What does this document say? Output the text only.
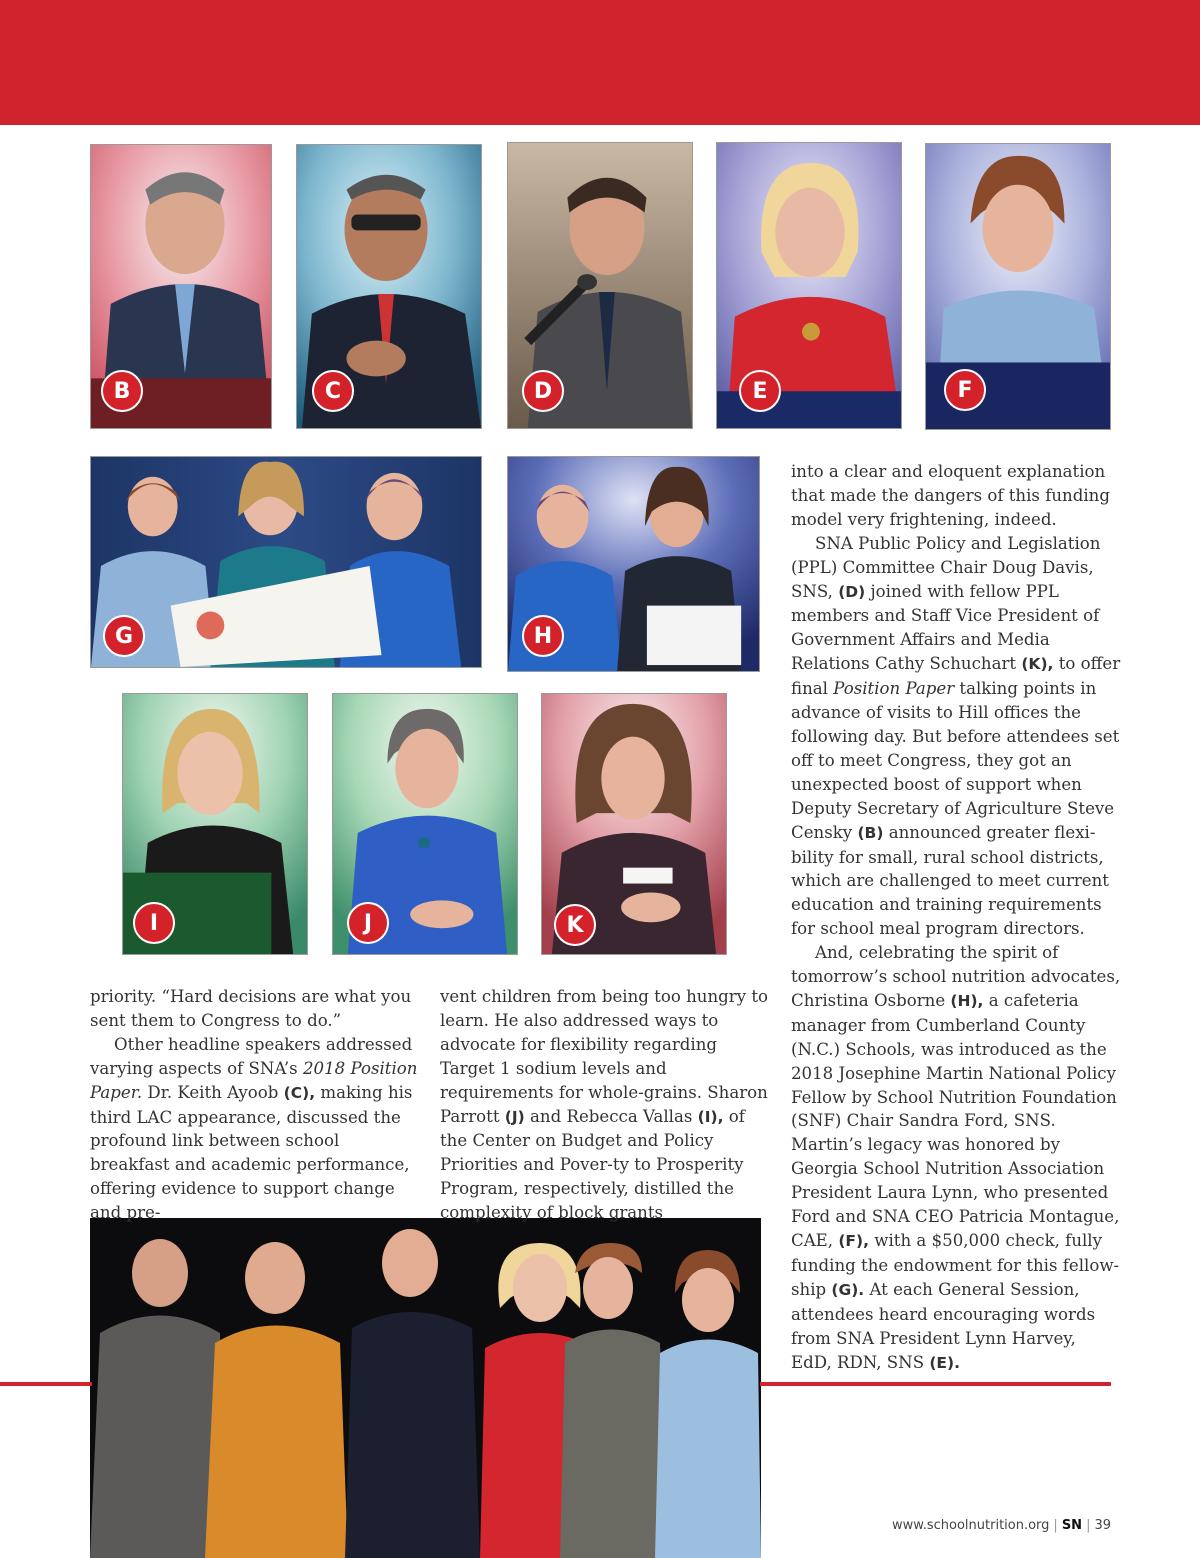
B	C	D	E	F
G	H
I	J	K

priority. “Hard decisions are what you sent them to Congress to do.”

Other headline speakers addressed varying aspects of SNA’s 2018 Position Paper. Dr. Keith Ayoob (C), making his third LAC appearance, discussed the profound link between school breakfast and academic performance, offering evidence to support change and pre-

vent children from being too hungry to learn. He also addressed ways to advocate for flexibility regarding Target 1 sodium levels and requirements for whole-grains. Sharon Parrott (J) and Rebecca Vallas (I), of the Center on Budget and Policy Priorities and Pover-ty to Prosperity Program, respectively, distilled the complexity of block grants

into a clear and eloquent explanation that made the dangers of this funding model very frightening, indeed.

SNA Public Policy and Legislation (PPL) Committee Chair Doug Davis, SNS, (D) joined with fellow PPL members and Staff Vice President of Government Affairs and Media Relations Cathy Schuchart (K), to offer final Position Paper talking points in advance of visits to Hill offices the following day. But before attendees set off to meet Congress, they got an unexpected boost of support when Deputy Secretary of Agriculture Steve Censky (B) announced greater flexi-bility for small, rural school districts, which are challenged to meet current education and training requirements for school meal program directors.

And, celebrating the spirit of tomorrow’s school nutrition advocates, Christina Osborne (H), a cafeteria manager from Cumberland County (N.C.) Schools, was introduced as the 2018 Josephine Martin National Policy Fellow by School Nutrition Foundation (SNF) Chair Sandra Ford, SNS. Martin’s legacy was honored by Georgia School Nutrition Association President Laura Lynn, who presented Ford and SNA CEO Patricia Montague, CAE, (F), with a $50,000 check, fully funding the endowment for this fellow-ship (G). At each General Session, attendees heard encouraging words from SNA President Lynn Harvey, EdD, RDN, SNS (E).

www.schoolnutrition.org | SN | 39
